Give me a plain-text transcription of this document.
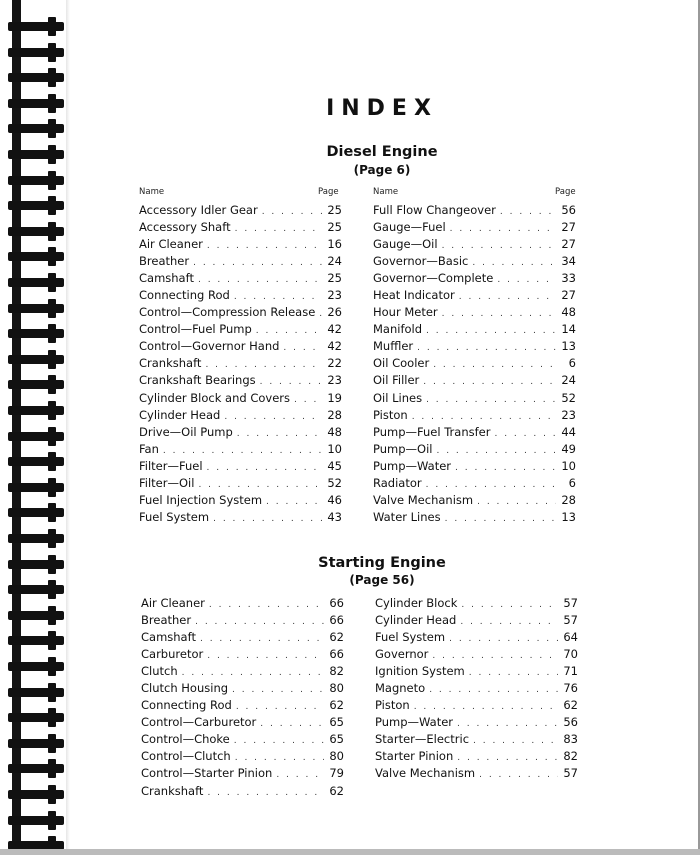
INDEX
Diesel Engine
(Page 6)
Name	Page	Name	Page
Accessory Idler Gear . . .	25
Accessory Shaft . . .	25
Air Cleaner . . .	16
Breather . . .	24
Camshaft . . .	25
Connecting Rod . . .	23
Control—Compression Release . . . 26
Control—Fuel Pump . . .	42
Control—Governor Hand . . .	42
Crankshaft . . .	22
Crankshaft Bearings . . .	23
Cylinder Block and Covers . . .	19
Cylinder Head . . .	28
Drive—Oil Pump . . .	48
Fan . . .	10
Filter—Fuel . . .	45
Filter—Oil . . .	52
Fuel Injection System . . .	46
Fuel System . . .	43
Full Flow Changeover . . .	56
Gauge—Fuel . . .	27
Gauge—Oil . . .	27
Governor—Basic . . .	34
Governor—Complete . . .	33
Heat Indicator . . .	27
Hour Meter . . .	48
Manifold . . .	14
Muffler . . .	13
Oil Cooler . . .	6
Oil Filler . . .	24
Oil Lines . . .	52
Piston . . .	23
Pump—Fuel Transfer . . .	44
Pump—Oil . . .	49
Pump—Water . . .	10
Radiator . . .	6
Valve Mechanism . . .	28
Water Lines . . .	13
Starting Engine
(Page 56)
Air Cleaner . . .	66
Breather . . .	66
Camshaft . . .	62
Carburetor . . .	66
Clutch . . .	82
Clutch Housing . . .	80
Connecting Rod . . .	62
Control—Carburetor . . .	65
Control—Choke . . .	65
Control—Clutch . . .	80
Control—Starter Pinion . . .	79
Crankshaft . . .	62
Cylinder Block . . .	57
Cylinder Head . . .	57
Fuel System . . .	64
Governor . . .	70
Ignition System . . .	71
Magneto . . .	76
Piston . . .	62
Pump—Water . . .	56
Starter—Electric . . .	83
Starter Pinion . . .	82
Valve Mechanism . . .	57
